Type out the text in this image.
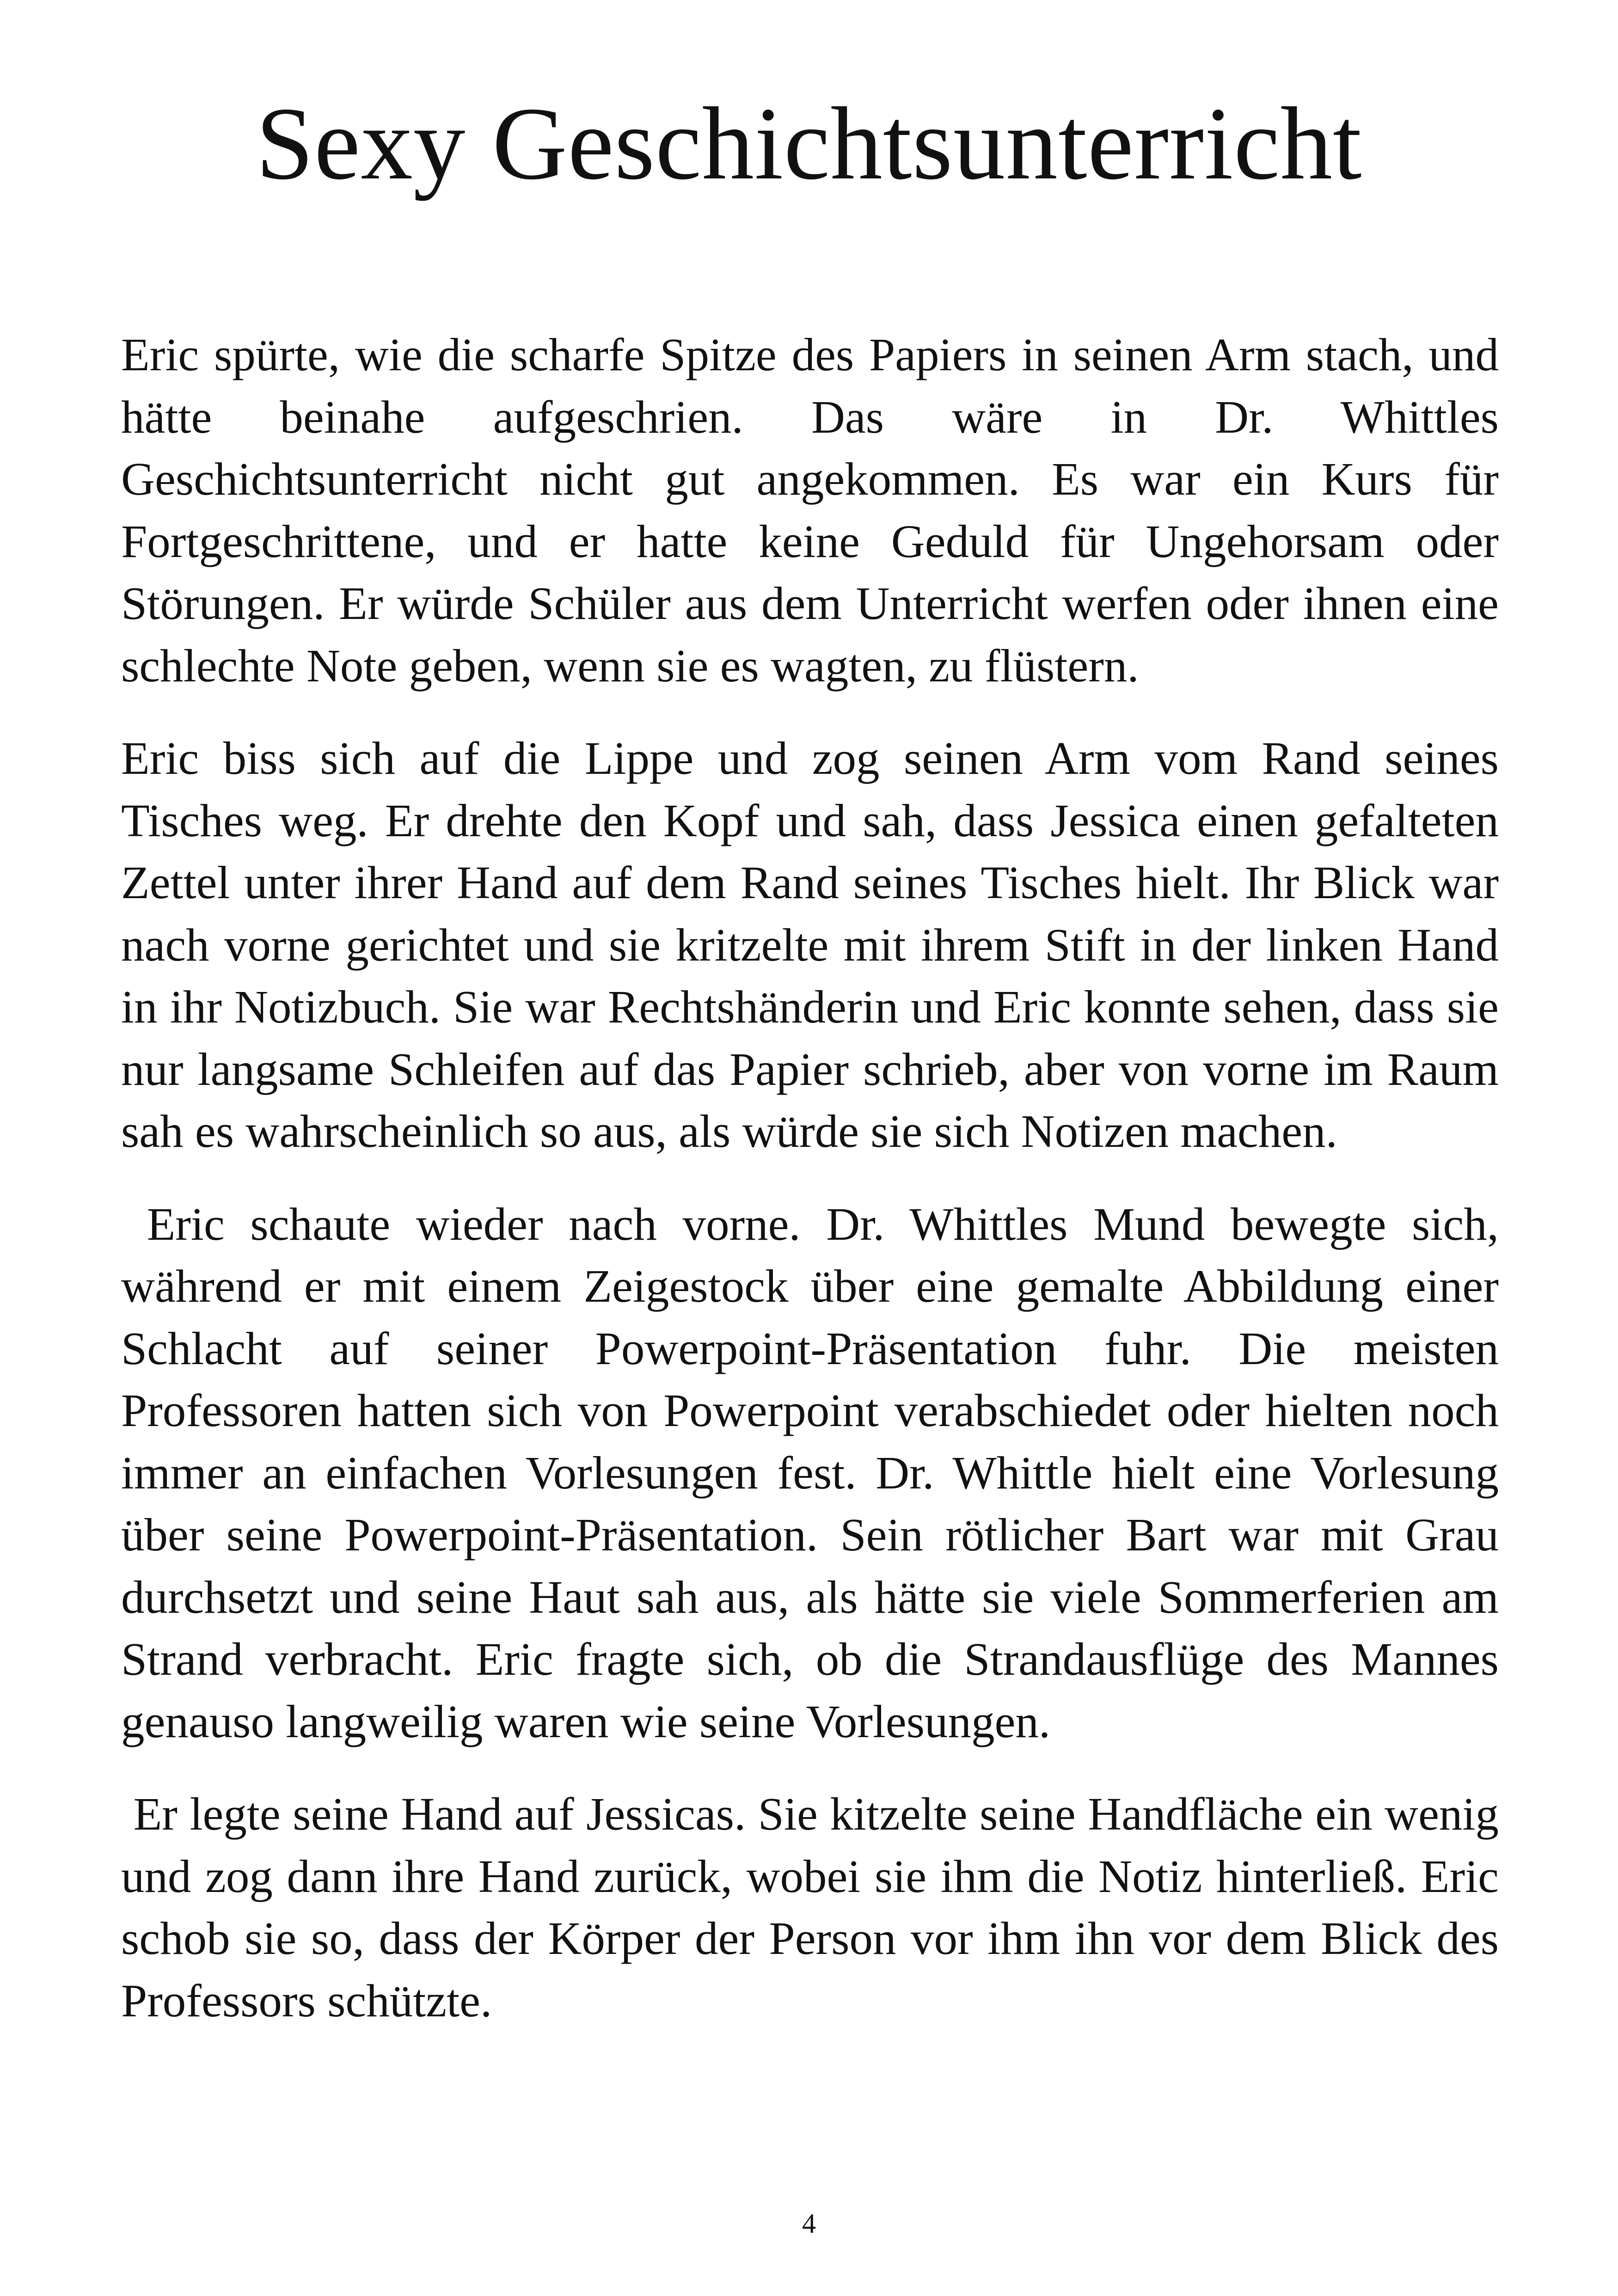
Sexy Geschichtsunterricht

Eric spürte, wie die scharfe Spitze des Papiers in seinen Arm stach, und hätte beinahe aufgeschrien. Das wäre in Dr. Whittles Geschichtsunterricht nicht gut angekommen. Es war ein Kurs für Fortgeschrittene, und er hatte keine Geduld für Ungehorsam oder Störungen. Er würde Schüler aus dem Unterricht werfen oder ihnen eine schlechte Note geben, wenn sie es wagten, zu flüstern.

Eric biss sich auf die Lippe und zog seinen Arm vom Rand seines Tisches weg. Er drehte den Kopf und sah, dass Jessica einen gefalteten Zettel unter ihrer Hand auf dem Rand seines Tisches hielt. Ihr Blick war nach vorne gerichtet und sie kritzelte mit ihrem Stift in der linken Hand in ihr Notizbuch. Sie war Rechtshänderin und Eric konnte sehen, dass sie nur langsame Schleifen auf das Papier schrieb, aber von vorne im Raum sah es wahrscheinlich so aus, als würde sie sich Notizen machen.

Eric schaute wieder nach vorne. Dr. Whittles Mund bewegte sich, während er mit einem Zeigestock über eine gemalte Abbildung einer Schlacht auf seiner Powerpoint-Präsentation fuhr. Die meisten Professoren hatten sich von Powerpoint verabschiedet oder hielten noch immer an einfachen Vorlesungen fest. Dr. Whittle hielt eine Vorlesung über seine Powerpoint-Präsentation. Sein rötlicher Bart war mit Grau durchsetzt und seine Haut sah aus, als hätte sie viele Sommerferien am Strand verbracht. Eric fragte sich, ob die Strandausflüge des Mannes genauso langweilig waren wie seine Vorlesungen.

Er legte seine Hand auf Jessicas. Sie kitzelte seine Handfläche ein wenig und zog dann ihre Hand zurück, wobei sie ihm die Notiz hinterließ. Eric schob sie so, dass der Körper der Person vor ihm ihn vor dem Blick des Professors schützte.

4
